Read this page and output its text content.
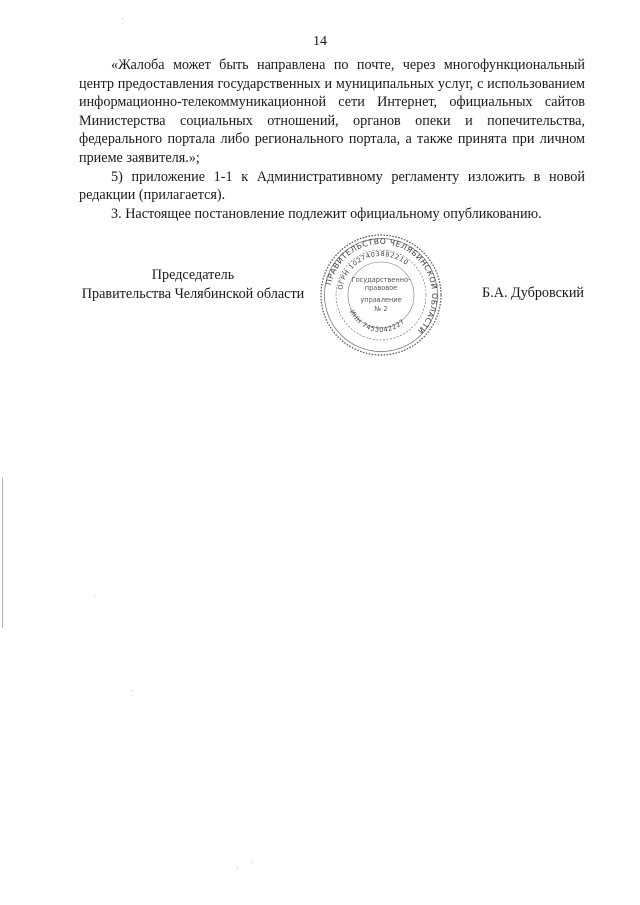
14

«Жалоба может быть направлена по почте, через многофункциональный центр предоставления государственных и муниципальных услуг, с использованием информационно-телекоммуникационной сети Интернет, официальных сайтов Министерства социальных отношений, органов опеки и попечительства, федерального портала либо регионального портала, а также принята при личном приеме заявителя.»;

5) приложение 1-1 к Административному регламенту изложить в новой редакции (прилагается).

3. Настоящее постановление подлежит официальному опубликованию.

ПРАВИТЕЛЬСТВО ЧЕЛЯБИНСКОЙ ОБЛАСТИ
ОГРН 1027403882210
ИНН 7453042227
Государственно-
правовое
управление
№ 2
Председатель
Правительства Челябинской области	Б.А. Дубровский
